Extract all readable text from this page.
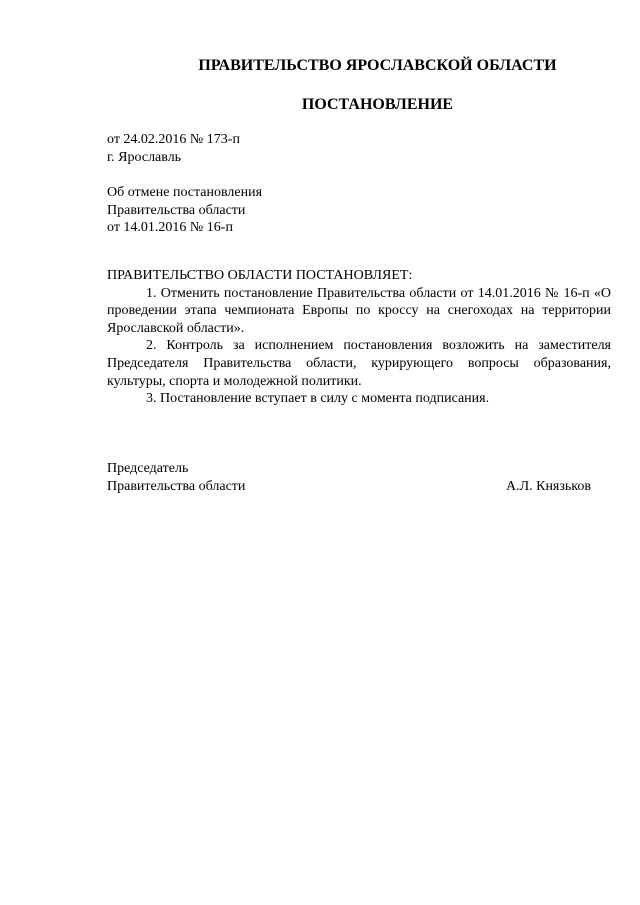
ПРАВИТЕЛЬСТВО ЯРОСЛАВСКОЙ ОБЛАСТИ
ПОСТАНОВЛЕНИЕ
от 24.02.2016 № 173-п
г. Ярославль
Об отмене постановления
Правительства области
от 14.01.2016 № 16-п
ПРАВИТЕЛЬСТВО ОБЛАСТИ ПОСТАНОВЛЯЕТ:

1. Отменить постановление Правительства области от 14.01.2016 № 16-п «О проведении этапа чемпионата Европы по кроссу на снегоходах на территории Ярославской области».

2. Контроль за исполнением постановления возложить на заместителя Председателя Правительства области, курирующего вопросы образования, культуры, спорта и молодежной политики.

3. Постановление вступает в силу с момента подписания.

Председатель
Правительства области	А.Л. Князьков
